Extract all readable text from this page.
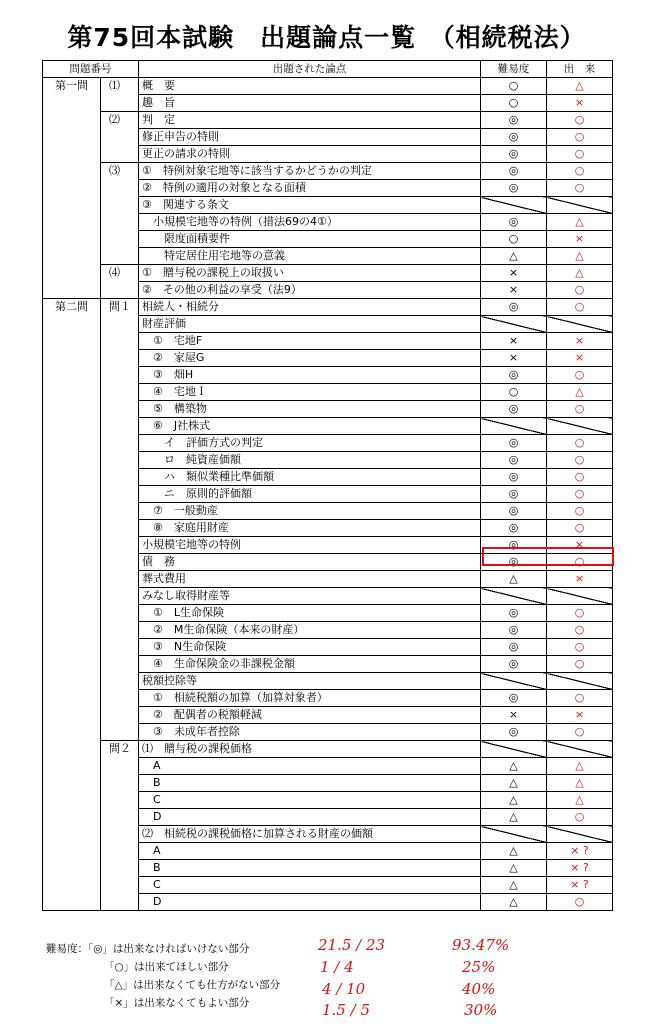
第75回本試験　出題論点一覧　（相続税法）
問題番号		出題された論点	難易度	出　来
第一問	⑴	概　要	○	△
		趣　旨	○	×
	⑵	判　定	◎	○
		修正申告の特則	◎	○
		更正の請求の特則	◎	○
	⑶	①　特例対象宅地等に該当するかどうかの判定	◎	○
		②　特例の適用の対象となる面積	◎	○
		③　関連する条文		
		小規模宅地等の特例（措法69の4①）	◎	△
		限度面積要件	○	×
		特定居住用宅地等の意義	△	△
	⑷	①　贈与税の課税上の取扱い	×	△
		②　その他の利益の享受（法9）	×	○
第二問	問１	相続人・相続分	◎	○
		財産評価		
		①　宅地F	×	×
		②　家屋G	×	×
		③　畑H	◎	○
		④　宅地Ｉ	○	△
		⑤　構築物	◎	○
		⑥　J社株式		
		イ　評価方式の判定	◎	○
		ロ　純資産価額	◎	○
		ハ　類似業種比準価額	◎	○
		ニ　原則的評価額	◎	○
		⑦　一般動産	◎	○
		⑧　家庭用財産	◎	○
		小規模宅地等の特例	◎	×
		債　務	◎	○
		葬式費用	△	×
		みなし取得財産等		
		①　L生命保険	◎	○
		②　M生命保険（本来の財産）	◎	○
		③　N生命保険	◎	○
		④　生命保険金の非課税金額	◎	○
		税額控除等		
		①　相続税額の加算（加算対象者）	◎	○
		②　配偶者の税額軽減	×	×
		③　未成年者控除	◎	○
	問２	⑴　贈与税の課税価格		
		A	△	△
		B	△	△
		C	△	△
		D	△	○
		⑵　相続税の課税価格に加算される財産の価額		
		A	△	× ?
		B	△	× ?
		C	△	× ?
		D	△	○
難易度：「◎」は出来なければいけない部分
「○」は出来てほしい部分
「△」は出来なくても仕方がない部分
「×」は出来なくてもよい部分
21.5 / 23	93.47%
1 / 4	25%
4 / 10	40%
1.5 / 5	30%
